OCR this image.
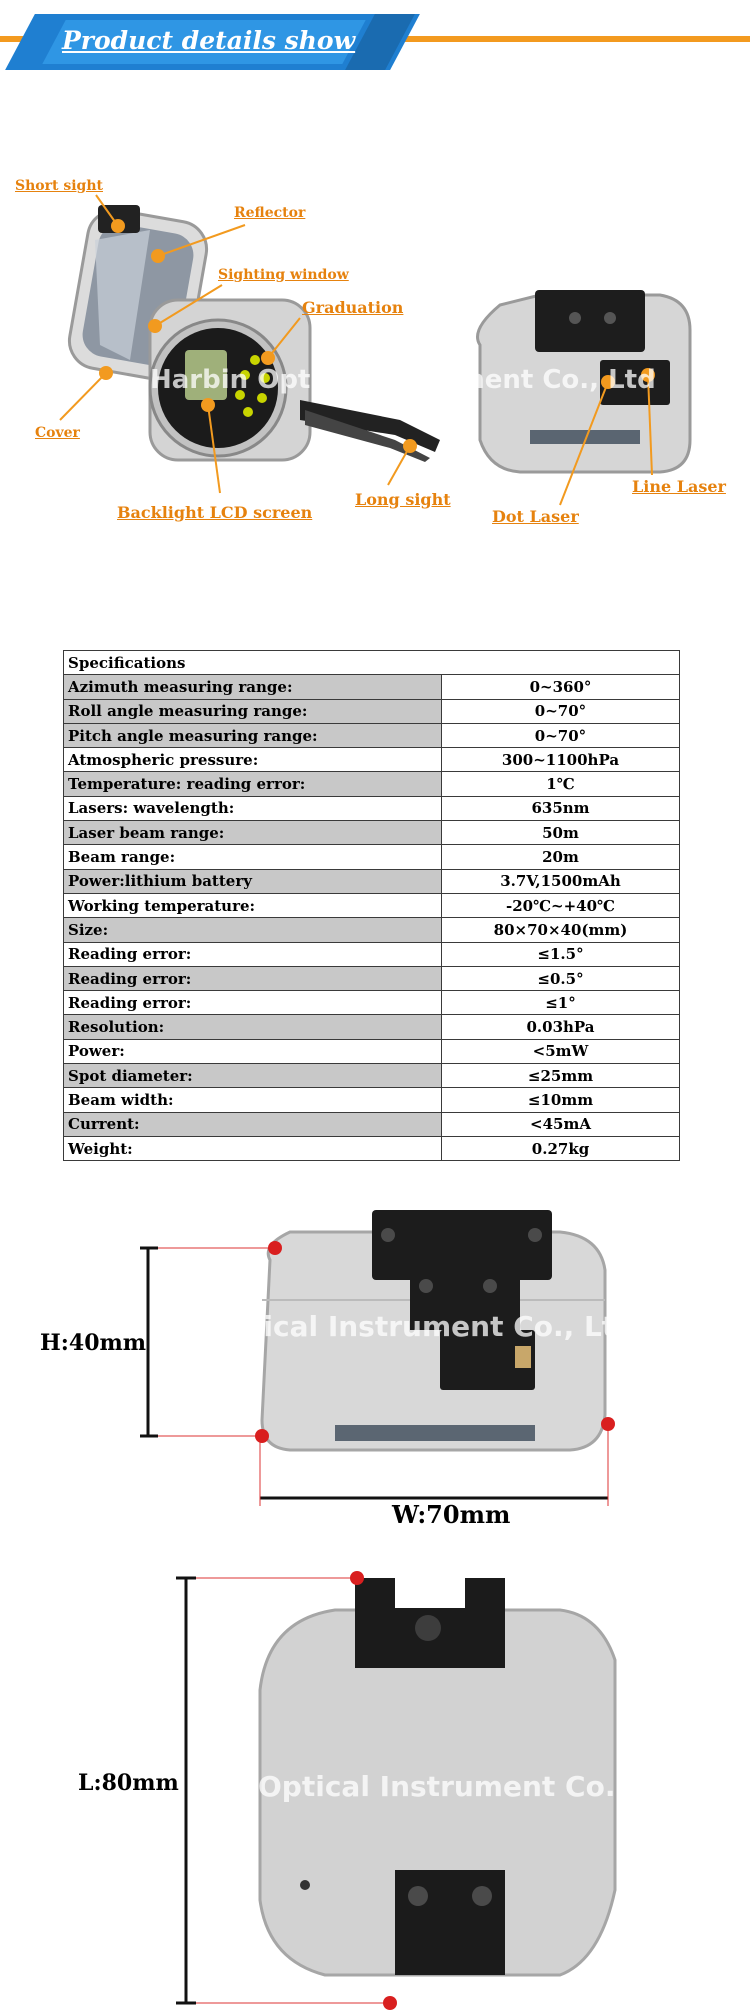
Product details show
Harbin Optical Instrument Co., Ltd
Short sight
Reflector
Sighting window
Graduation
Cover
Backlight LCD screen
Long sight
Dot Laser
Line Laser
Specifications	
Azimuth measuring range:	0~360°
Roll angle measuring range:	0~70°
Pitch angle measuring range:	0~70°
Atmospheric pressure:	300~1100hPa
Temperature: reading error:	1℃
Lasers: wavelength:	635nm
Laser beam range:	50m
Beam range:	20m
Power:lithium battery	3.7V,1500mAh
Working temperature:	-20℃~+40℃
Size:	80×70×40(mm)
Reading error:	≤1.5°
Reading error:	≤0.5°
Reading error:	≤1°
Resolution:	0.03hPa
Power:	<5mW
Spot diameter:	≤25mm
Beam width:	≤10mm
Current:	<45mA
Weight:	0.27kg
tical Instrument Co., Ltd
H:40mm
W:70mm
Optical Instrument Co.,
L:80mm
